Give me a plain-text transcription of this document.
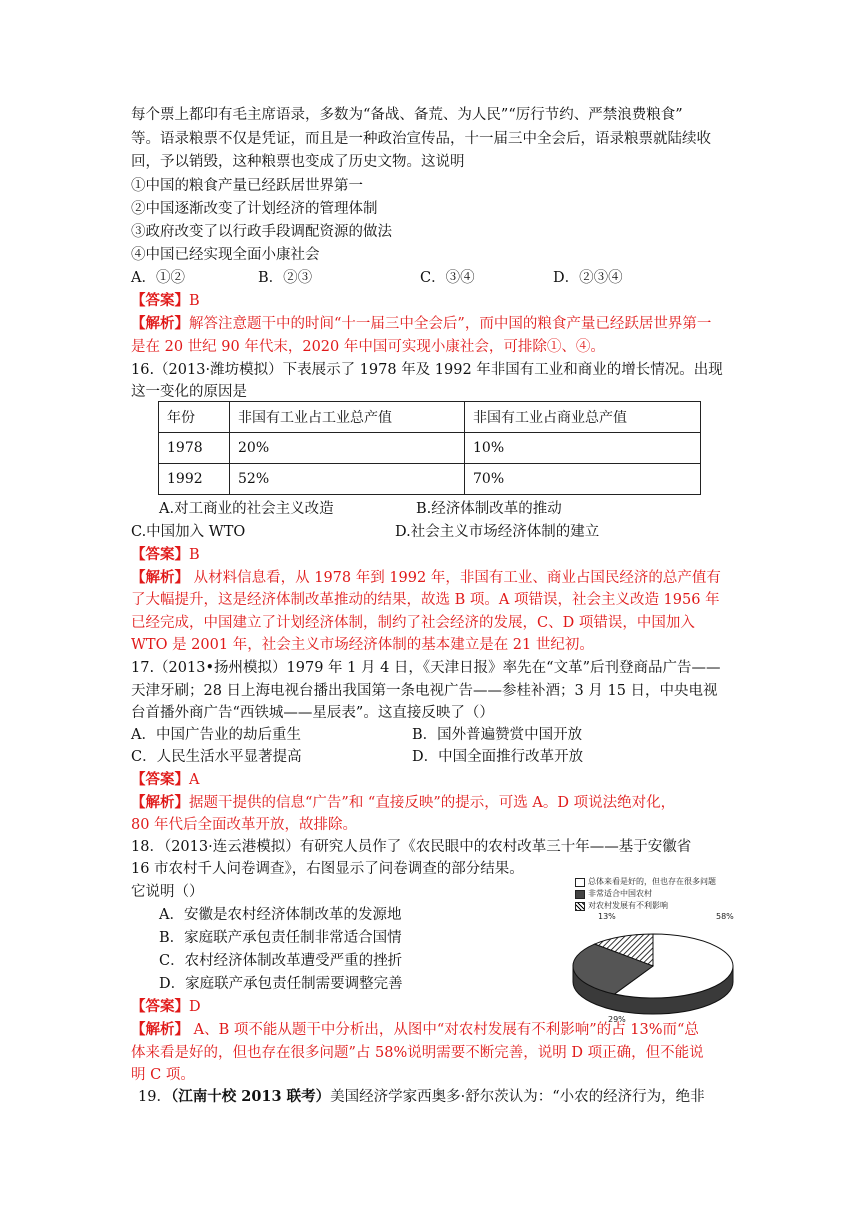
每个票上都印有毛主席语录，多数为“备战、备荒、为人民”“厉行节约、严禁浪费粮食”
等。语录粮票不仅是凭证，而且是一种政治宣传品，十一届三中全会后，语录粮票就陆续收
回，予以销毁，这种粮票也变成了历史文物。这说明
①中国的粮食产量已经跃居世界第一
②中国逐渐改变了计划经济的管理体制
③政府改变了以行政手段调配资源的做法
④中国已经实现全面小康社会
A．①②	B．②③	C．③④	D．②③④
【答案】B
【解析】解答注意题干中的时间“十一届三中全会后”，而中国的粮食产量已经跃居世界第一
是在 20 世纪 90 年代末，2020 年中国可实现小康社会，可排除①、④。
16.（2013·潍坊模拟）下表展示了 1978 年及 1992 年非国有工业和商业的增长情况。出现
这一变化的原因是
年份	非国有工业占工业总产值	非国有工业占商业总产值
1978	20%	10%
1992	52%	70%
A.对工商业的社会主义改造	B.经济体制改革的推动
C.中国加入 WTO	D.社会主义市场经济体制的建立
【答案】B
【解析】 从材料信息看，从 1978 年到 1992 年，非国有工业、商业占国民经济的总产值有
了大幅提升，这是经济体制改革推动的结果，故选 B 项。A 项错误，社会主义改造 1956 年
已经完成，中国建立了计划经济体制，制约了社会经济的发展，C、D 项错误，中国加入
WTO 是 2001 年，社会主义市场经济体制的基本建立是在 21 世纪初。
17.（2013•扬州模拟）1979 年 1 月 4 日，《天津日报》率先在“文革”后刊登商品广告——
天津牙刷；28 日上海电视台播出我国第一条电视广告——参桂补酒；3 月 15 日，中央电视
台首播外商广告“西铁城——星辰表”。这直接反映了（）
A．中国广告业的劫后重生	B．国外普遍赞赏中国开放
C．人民生活水平显著提高	D．中国全面推行改革开放
【答案】A
【解析】据题干提供的信息“广告”和 “直接反映”的提示，可选 A。D 项说法绝对化，
80 年代后全面改革开放，故排除。
18．（2013·连云港模拟）有研究人员作了《农民眼中的农村改革三十年——基于安徽省
16 市农村千人问卷调查》，右图显示了问卷调查的部分结果。
它说明（）
A．安徽是农村经济体制改革的发源地
B．家庭联产承包责任制非常适合国情
C．农村经济体制改革遭受严重的挫折
D．家庭联产承包责任制需要调整完善
【答案】D
【解析】 A、B 项不能从题干中分析出，从图中“对农村发展有不利影响”的占 13%而“总
体来看是好的，但也存在很多问题”占 58%说明需要不断完善，说明 D 项正确，但不能说
明 C 项。
总体来看是好的，但也存在很多问题
非常适合中国农村
对农村发展有不利影响
13%	58%
29%
19．（江南十校 2013 联考）美国经济学家西奥多·舒尔茨认为：“小农的经济行为，绝非
